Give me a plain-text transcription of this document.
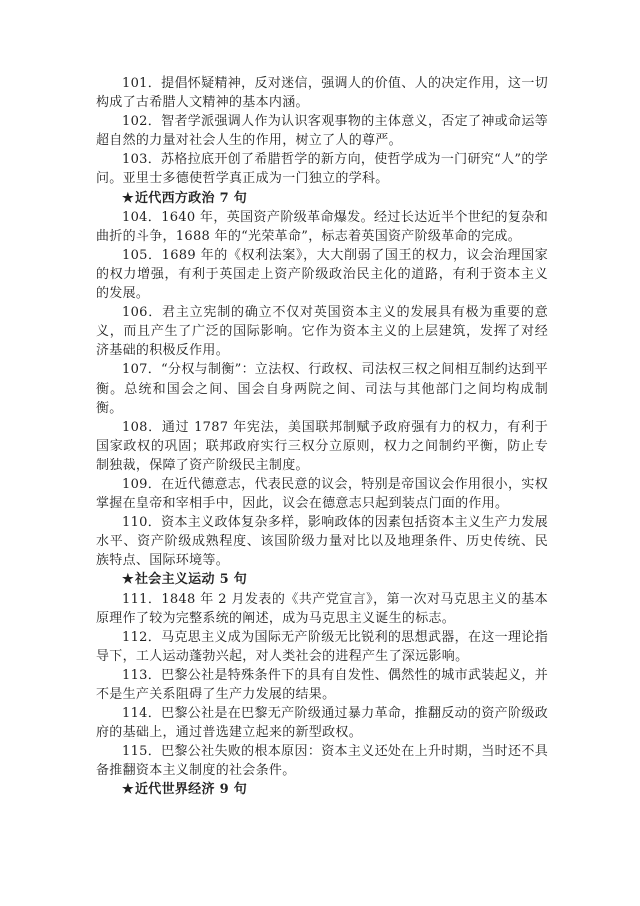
101．提倡怀疑精神，反对迷信，强调人的价值、人的决定作用，这一切构成了古希腊人文精神的基本内涵。

102．智者学派强调人作为认识客观事物的主体意义，否定了神或命运等超自然的力量对社会人生的作用，树立了人的尊严。

103．苏格拉底开创了希腊哲学的新方向，使哲学成为一门研究“人”的学问。亚里士多德使哲学真正成为一门独立的学科。

★近代西方政治 7 句

104．1640 年，英国资产阶级革命爆发。经过长达近半个世纪的复杂和曲折的斗争，1688 年的“光荣革命”，标志着英国资产阶级革命的完成。

105．1689 年的《权利法案》，大大削弱了国王的权力，议会治理国家的权力增强，有利于英国走上资产阶级政治民主化的道路，有利于资本主义的发展。

106．君主立宪制的确立不仅对英国资本主义的发展具有极为重要的意义，而且产生了广泛的国际影响。它作为资本主义的上层建筑，发挥了对经济基础的积极反作用。

107．“分权与制衡”：立法权、行政权、司法权三权之间相互制约达到平衡。总统和国会之间、国会自身两院之间、司法与其他部门之间均构成制衡。

108．通过 1787 年宪法，美国联邦制赋予政府强有力的权力，有利于国家政权的巩固；联邦政府实行三权分立原则，权力之间制约平衡，防止专制独裁，保障了资产阶级民主制度。

109．在近代德意志，代表民意的议会，特别是帝国议会作用很小，实权掌握在皇帝和宰相手中，因此，议会在德意志只起到装点门面的作用。

110．资本主义政体复杂多样，影响政体的因素包括资本主义生产力发展水平、资产阶级成熟程度、该国阶级力量对比以及地理条件、历史传统、民族特点、国际环境等。

★社会主义运动 5 句

111．1848 年 2 月发表的《共产党宣言》，第一次对马克思主义的基本原理作了较为完整系统的阐述，成为马克思主义诞生的标志。

112．马克思主义成为国际无产阶级无比锐利的思想武器，在这一理论指导下，工人运动蓬勃兴起，对人类社会的进程产生了深远影响。

113．巴黎公社是特殊条件下的具有自发性、偶然性的城市武装起义，并不是生产关系阻碍了生产力发展的结果。

114．巴黎公社是在巴黎无产阶级通过暴力革命，推翻反动的资产阶级政府的基础上，通过普选建立起来的新型政权。

115．巴黎公社失败的根本原因：资本主义还处在上升时期，当时还不具备推翻资本主义制度的社会条件。

★近代世界经济 9 句
